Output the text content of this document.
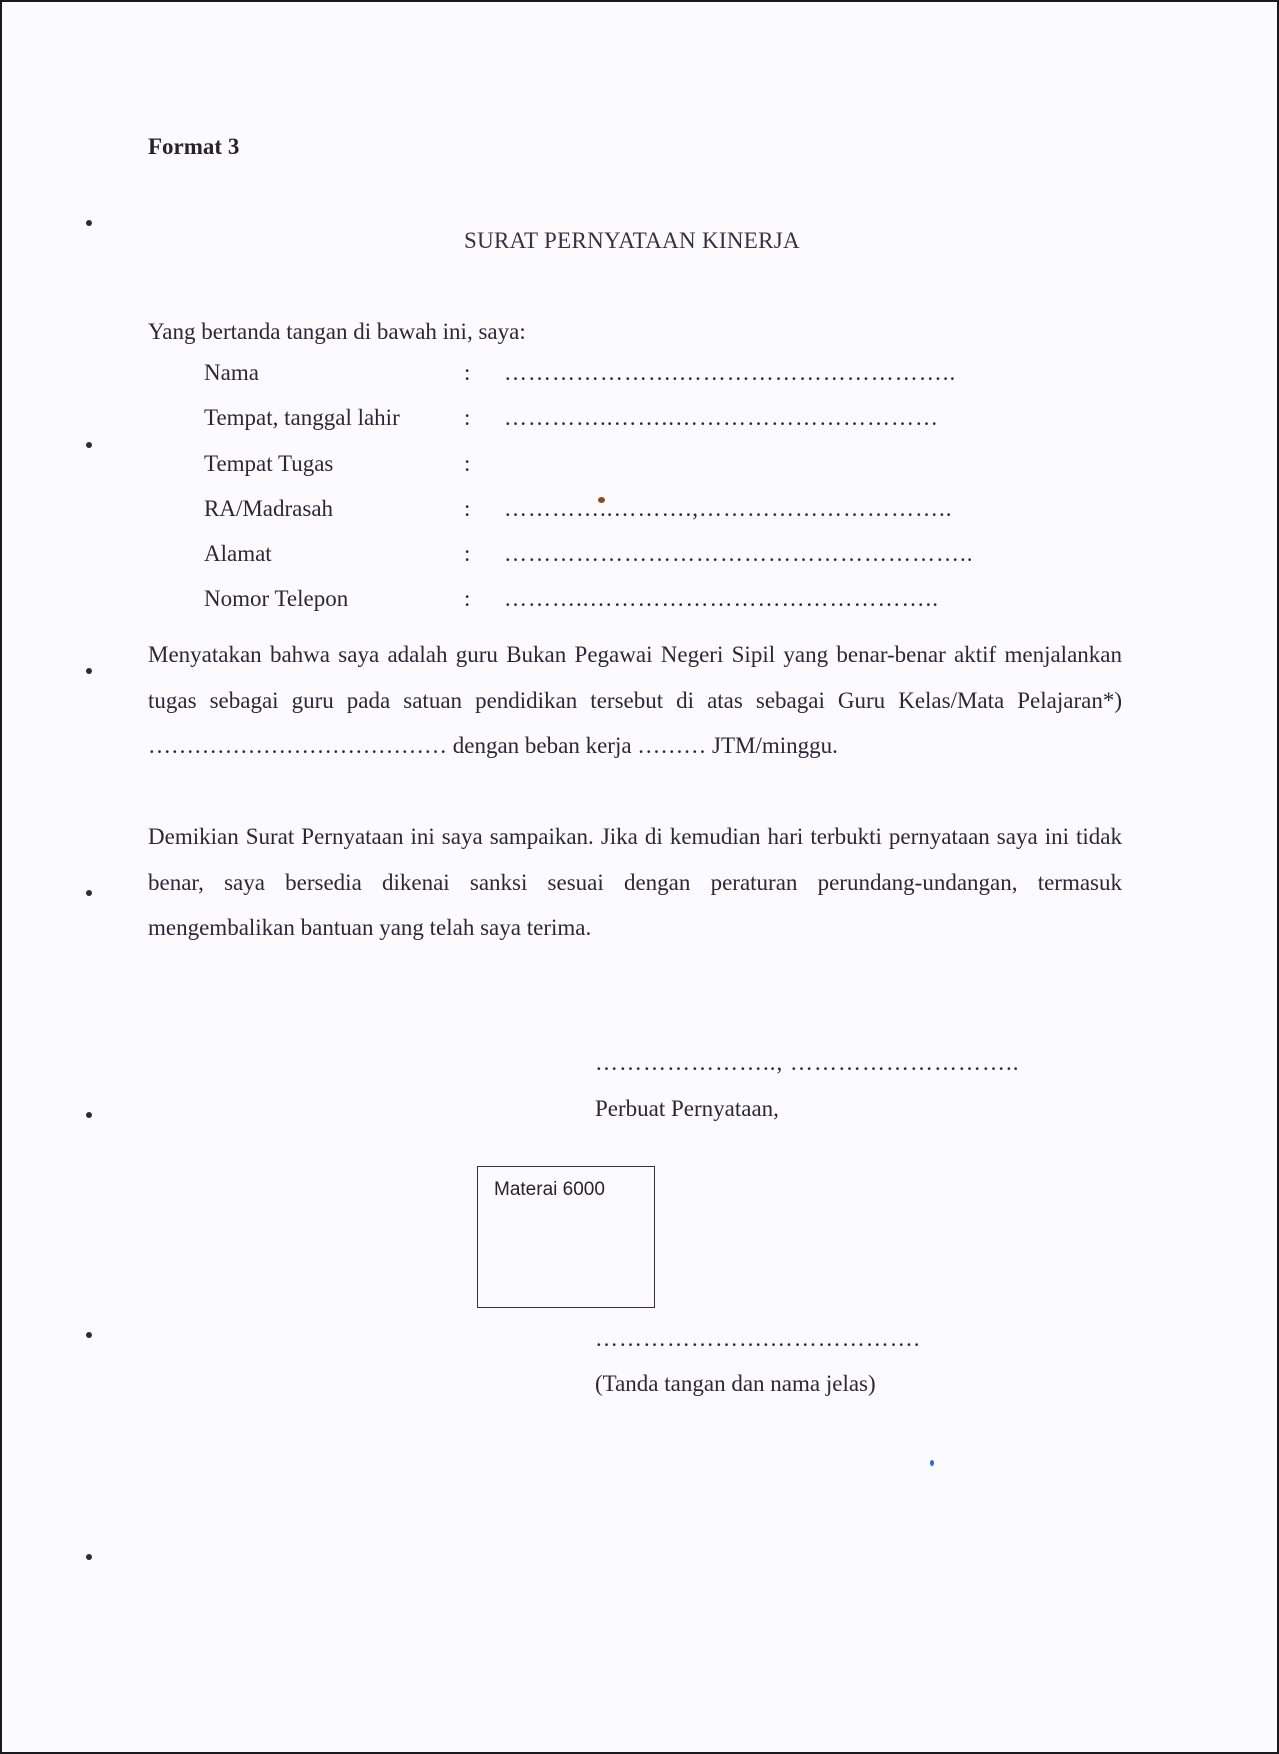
Format 3
SURAT PERNYATAAN KINERJA
Yang bertanda tangan di bawah ini, saya:
Nama	: ………………….……………………………..
Tempat, tanggal lahir	: …………..……..……………………………
Tempat Tugas	:
RA/Madrasah	: …………..……….,…………………………..
Alamat	: …………………………………………………..
Nomor Telepon	: ………..……………………………………..
Menyatakan bahwa saya adalah guru Bukan Pegawai Negeri Sipil yang benar-benar aktif menjalankan tugas sebagai guru pada satuan pendidikan tersebut di atas sebagai Guru Kelas/Mata Pelajaran*) ………………………………… dengan beban kerja ……… JTM/minggu.
Demikian Surat Pernyataan ini saya sampaikan. Jika di kemudian hari terbukti pernyataan saya ini tidak benar, saya bersedia dikenai sanksi sesuai dengan peraturan perundang-undangan, termasuk mengembalikan bantuan yang telah saya terima.
………………….., ………………………..
Perbuat Pernyataan,
Materai 6000
………………….……………….
(Tanda tangan dan nama jelas)
